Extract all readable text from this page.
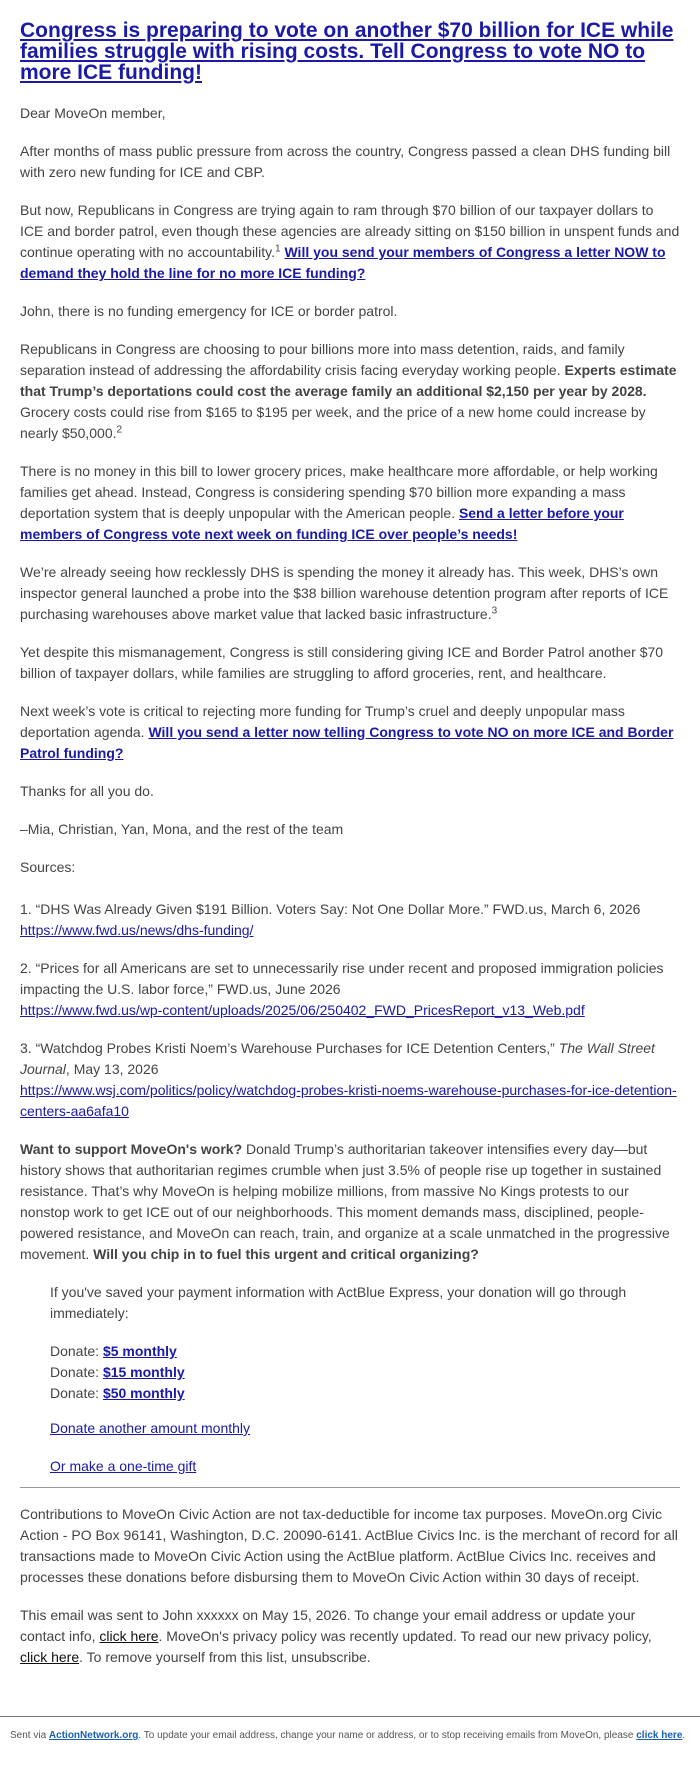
Congress is preparing to vote on another $70 billion for ICE while families struggle with rising costs. Tell Congress to vote NO to more ICE funding!

Dear MoveOn member,

After months of mass public pressure from across the country, Congress passed a clean DHS funding bill with zero new funding for ICE and CBP.

But now, Republicans in Congress are trying again to ram through $70 billion of our taxpayer dollars to ICE and border patrol, even though these agencies are already sitting on $150 billion in unspent funds and continue operating with no accountability.$^1$ Will you send your members of Congress a letter NOW to demand they hold the line for no more ICE funding?

John, there is no funding emergency for ICE or border patrol.

Republicans in Congress are choosing to pour billions more into mass detention, raids, and family separation instead of addressing the affordability crisis facing everyday working people. Experts estimate that Trump’s deportations could cost the average family an additional $2,150 per year by 2028. Grocery costs could rise from $165 to $195 per week, and the price of a new home could increase by nearly $50,000.$^2$

There is no money in this bill to lower grocery prices, make healthcare more affordable, or help working families get ahead. Instead, Congress is considering spending $70 billion more expanding a mass deportation system that is deeply unpopular with the American people. Send a letter before your members of Congress vote next week on funding ICE over people’s needs!

We’re already seeing how recklessly DHS is spending the money it already has. This week, DHS’s own inspector general launched a probe into the $38 billion warehouse detention program after reports of ICE purchasing warehouses above market value that lacked basic infrastructure.$^3$

Yet despite this mismanagement, Congress is still considering giving ICE and Border Patrol another $70 billion of taxpayer dollars, while families are struggling to afford groceries, rent, and healthcare.

Next week’s vote is critical to rejecting more funding for Trump’s cruel and deeply unpopular mass deportation agenda. Will you send a letter now telling Congress to vote NO on more ICE and Border Patrol funding?

Thanks for all you do.

–Mia, Christian, Yan, Mona, and the rest of the team

Sources:

1. “DHS Was Already Given $191 Billion. Voters Say: Not One Dollar More.” FWD.us, March 6, 2026
https://www.fwd.us/news/dhs-funding/

2. “Prices for all Americans are set to unnecessarily rise under recent and proposed immigration policies impacting the U.S. labor force,” FWD.us, June 2026
https://www.fwd.us/wp-content/uploads/2025/06/250402_FWD_PricesReport_v13_Web.pdf

3. “Watchdog Probes Kristi Noem’s Warehouse Purchases for ICE Detention Centers,” The Wall Street Journal, May 13, 2026
https://www.wsj.com/politics/policy/watchdog-probes-kristi-noems-warehouse-purchases-for-ice-detention-centers-aa6afa10

Want to support MoveOn's work? Donald Trump’s authoritarian takeover intensifies every day—but history shows that authoritarian regimes crumble when just 3.5% of people rise up together in sustained resistance. That’s why MoveOn is helping mobilize millions, from massive No Kings protests to our nonstop work to get ICE out of our neighborhoods. This moment demands mass, disciplined, people-powered resistance, and MoveOn can reach, train, and organize at a scale unmatched in the progressive movement. Will you chip in to fuel this urgent and critical organizing?

If you've saved your payment information with ActBlue Express, your donation will go through immediately:

Donate: $5 monthly

Donate: $15 monthly

Donate: $50 monthly

Donate another amount monthly

Or make a one-time gift

Contributions to MoveOn Civic Action are not tax-deductible for income tax purposes. MoveOn.org Civic Action - PO Box 96141, Washington, D.C. 20090-6141. ActBlue Civics Inc. is the merchant of record for all transactions made to MoveOn Civic Action using the ActBlue platform. ActBlue Civics Inc. receives and processes these donations before disbursing them to MoveOn Civic Action within 30 days of receipt.

This email was sent to John xxxxxx on May 15, 2026. To change your email address or update your contact info, click here. MoveOn's privacy policy was recently updated. To read our new privacy policy, click here. To remove yourself from this list, unsubscribe.

Sent via ActionNetwork.org. To update your email address, change your name or address, or to stop receiving emails from MoveOn, please click here.
